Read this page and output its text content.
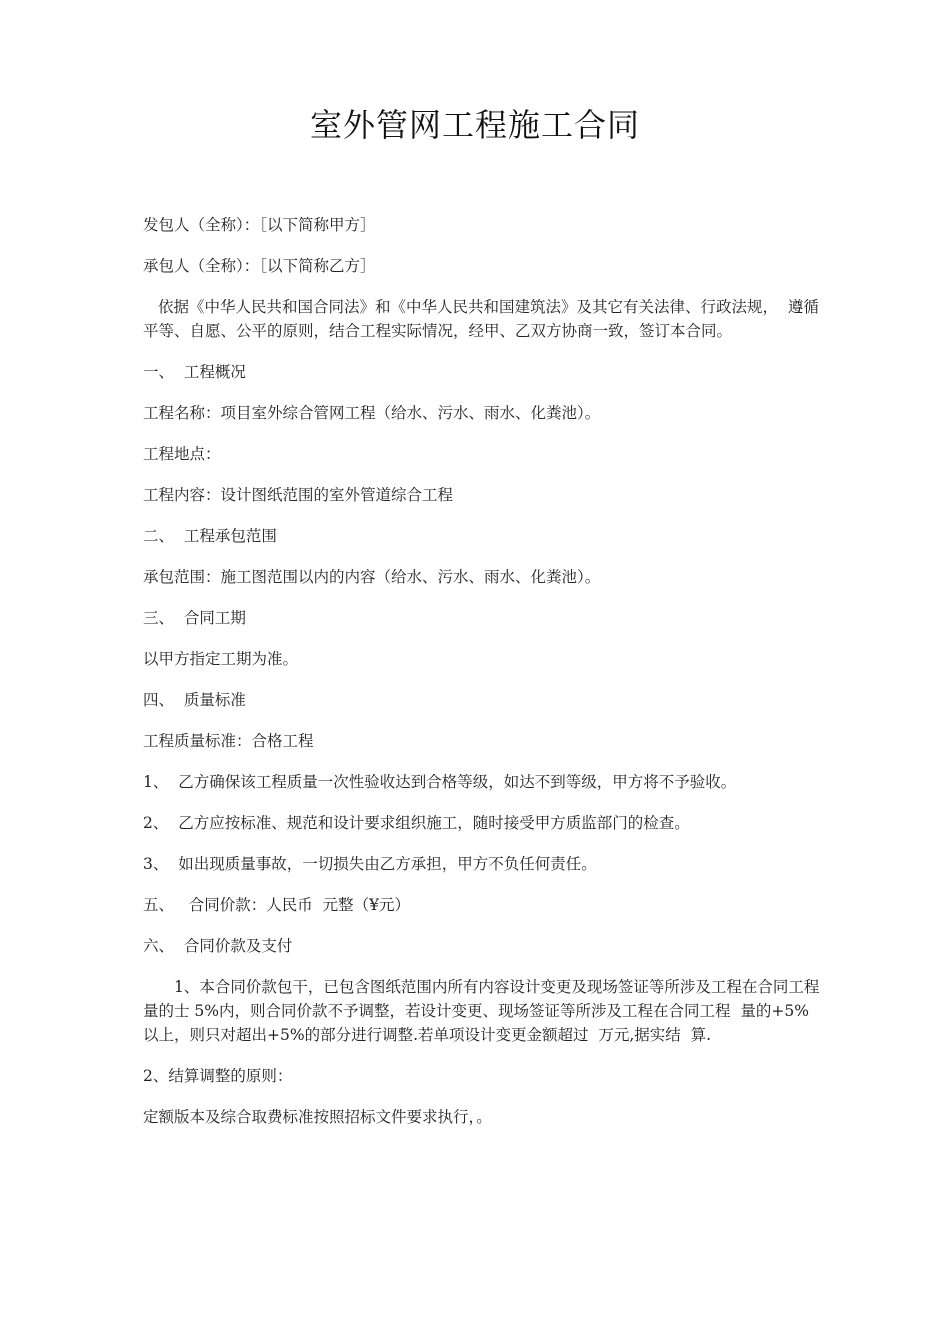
室外管网工程施工合同

发包人（全称）：［以下简称甲方］

承包人（全称）：［以下简称乙方］

依据《中华人民共和国合同法》和《中华人民共和国建筑法》及其它有关法律、行政法规，  遵循平等、自愿、公平的原则，结合工程实际情况，经甲、乙双方协商一致，签订本合同。

一、  工程概况

工程名称：项目室外综合管网工程（给水、污水、雨水、化粪池）。

工程地点：

工程内容：设计图纸范围的室外管道综合工程

二、  工程承包范围

承包范围：施工图范围以内的内容（给水、污水、雨水、化粪池）。

三、  合同工期

以甲方指定工期为准。

四、  质量标准

工程质量标准：合格工程

1、  乙方确保该工程质量一次性验收达到合格等级，如达不到等级，甲方将不予验收。

2、  乙方应按标准、规范和设计要求组织施工，随时接受甲方质监部门的检查。

3、  如出现质量事故，一切损失由乙方承担，甲方不负任何责任。

五、   合同价款：人民币  元整（¥元）

六、  合同价款及支付

1、本合同价款包干，已包含图纸范围内所有内容设计变更及现场签证等所涉及工程在合同工程量的士 5%内，则合同价款不予调整，若设计变更、现场签证等所涉及工程在合同工程  量的+5%以上，则只对超出+5%的部分进行调整.若单项设计变更金额超过  万元,据实结  算.

2、结算调整的原则：

定额版本及综合取费标准按照招标文件要求执行，。
